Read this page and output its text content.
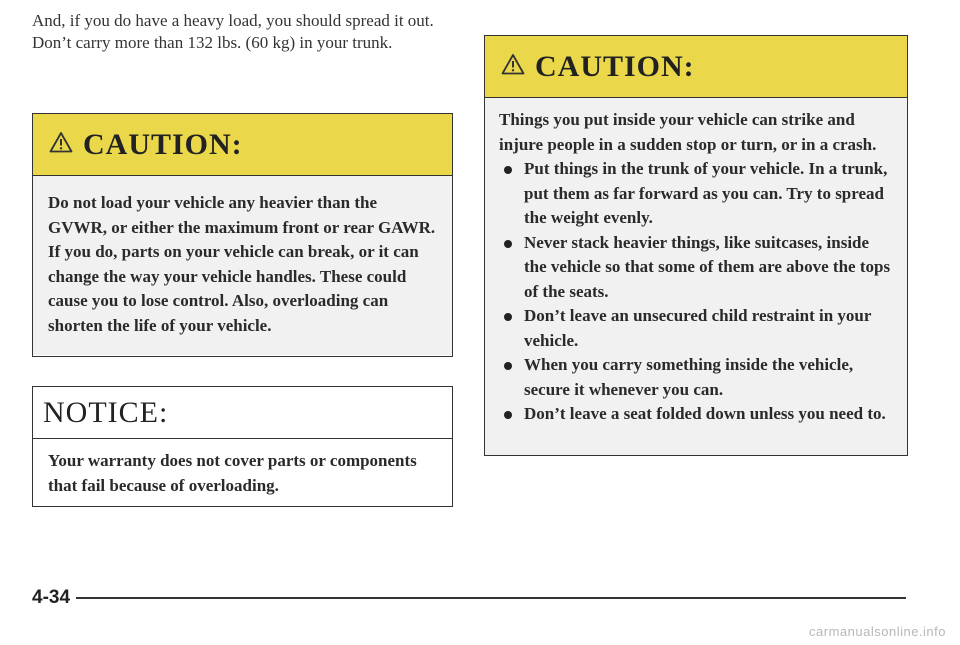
And, if you do have a heavy load, you should spread it out. Don’t carry more than 132 lbs. (60 kg) in your trunk.
CAUTION:
Do not load your vehicle any heavier than the GVWR, or either the maximum front or rear GAWR. If you do, parts on your vehicle can break, or it can change the way your vehicle handles. These could cause you to lose control. Also, overloading can shorten the life of your vehicle.
NOTICE:
Your warranty does not cover parts or components that fail because of overloading.
CAUTION:
Things you put inside your vehicle can strike and injure people in a sudden stop or turn, or in a crash.
Put things in the trunk of your vehicle. In a trunk, put them as far forward as you can. Try to spread the weight evenly.
Never stack heavier things, like suitcases, inside the vehicle so that some of them are above the tops of the seats.
Don’t leave an unsecured child restraint in your vehicle.
When you carry something inside the vehicle, secure it whenever you can.
Don’t leave a seat folded down unless you need to.
4-34
carmanualsonline.info
